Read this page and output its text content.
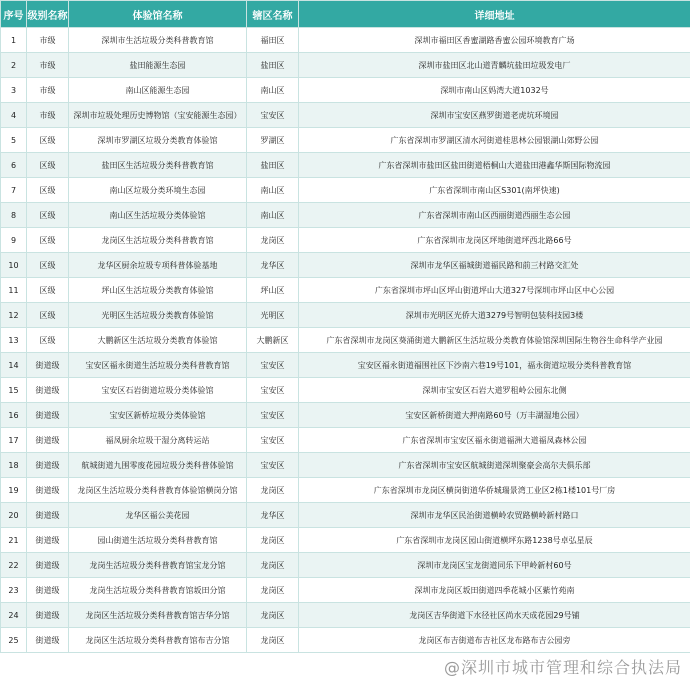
序号	级别名称	体验馆名称	辖区名称	详细地址
1	市级	深圳市生活垃圾分类科普教育馆	福田区	深圳市福田区香蜜湖路香蜜公园环境教育广场
2	市级	盐田能源生态园	盐田区	深圳市盐田区北山道青麟坑盐田垃圾发电厂
3	市级	南山区能源生态园	南山区	深圳市南山区妈湾大道1032号
4	市级	深圳市垃圾处理历史博物馆（宝安能源生态园）	宝安区	深圳市宝安区燕罗街道老虎坑环境园
5	区级	深圳市罗湖区垃圾分类教育体验馆	罗湖区	广东省深圳市罗湖区清水河街道桂思林公园银湖山郊野公园
6	区级	盐田区生活垃圾分类科普教育馆	盐田区	广东省深圳市盐田区盐田街道梧桐山大道盐田港鑫华斯国际物流园
7	区级	南山区垃圾分类环境生态园	南山区	广东省深圳市南山区S301(南坪快速)
8	区级	南山区生活垃圾分类体验馆	南山区	广东省深圳市南山区西丽街道西丽生态公园
9	区级	龙岗区生活垃圾分类科普教育馆	龙岗区	广东省深圳市龙岗区坪地街道坪西北路66号
10	区级	龙华区厨余垃圾专项科普体验基地	龙华区	深圳市龙华区福城街道福民路和前三村路交汇处
11	区级	坪山区生活垃圾分类教育体验馆	坪山区	广东省深圳市坪山区坪山街道坪山大道327号深圳市坪山区中心公园
12	区级	光明区生活垃圾分类教育体验馆	光明区	深圳市光明区光侨大道3279号智明包装科技园3楼
13	区级	大鹏新区生活垃圾分类教育体验馆	大鹏新区	广东省深圳市龙岗区葵涌街道大鹏新区生活垃圾分类教育体验馆深圳国际生物谷生命科学产业园
14	街道级	宝安区福永街道生活垃圾分类科普教育馆	宝安区	宝安区福永街道福围社区下沙南六巷19号101，福永街道垃圾分类科普教育馆
15	街道级	宝安区石岩街道垃圾分类体验馆	宝安区	深圳市宝安区石岩大道罗租岭公园东北侧
16	街道级	宝安区新桥垃圾分类体验馆	宝安区	宝安区新桥街道大押南路60号（万丰湖湿地公园）
17	街道级	福凤厨余垃圾干湿分离转运站	宝安区	广东省深圳市宝安区福永街道福洲大道福凤森林公园
18	街道级	航城街道九围零废花园垃圾分类科普体验馆	宝安区	广东省深圳市宝安区航城街道深圳聚豪会高尔夫俱乐部
19	街道级	龙岗区生活垃圾分类科普教育体验馆横岗分馆	龙岗区	广东省深圳市龙岗区横岗街道华侨城瑞景湾工业区2栋1楼101号厂房
20	街道级	龙华区福公美花园	龙华区	深圳市龙华区民治街道横岭农贸路横岭新村路口
21	街道级	园山街道生活垃圾分类科普教育馆	龙岗区	广东省深圳市龙岗区园山街道横坪东路1238号卓弘星辰
22	街道级	龙岗生活垃圾分类科普教育馆宝龙分馆	龙岗区	深圳市龙岗区宝龙街道同乐下甲岭新村60号
23	街道级	龙岗生活垃圾分类科普教育馆坂田分馆	龙岗区	深圳市龙岗区坂田街道四季花城小区紫竹苑南
24	街道级	龙岗区生活垃圾分类科普教育馆吉华分馆	龙岗区	龙岗区吉华街道下水径社区尚水天成花园29号铺
25	街道级	龙岗区生活垃圾分类科普教育馆布吉分馆	龙岗区	龙岗区布吉街道布吉社区龙布路布吉公园旁
@深圳市城市管理和综合执法局
